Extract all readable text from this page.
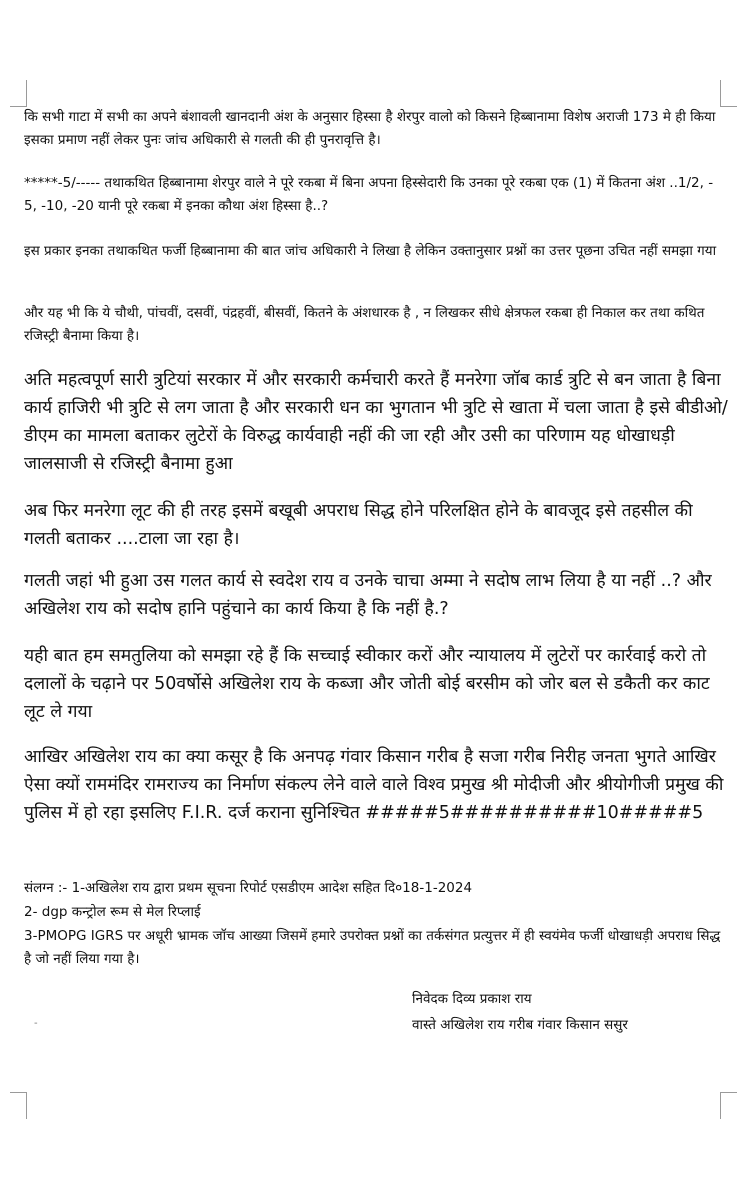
कि सभी गाटा में सभी का अपने बंशावली खानदानी अंश के अनुसार हिस्सा है शेरपुर वालो को किसने हिब्बानामा विशेष अराजी 173 मे ही किया इसका प्रमाण नहीं लेकर पुनः जांच अधिकारी से गलती की ही पुनरावृत्ति है।

*****-5/----- तथाकथित हिब्बानामा शेरपुर वाले ने पूरे रकबा में बिना अपना हिस्सेदारी कि उनका पूरे रकबा एक (1) में कितना अंश ..1/2, - 5, -10, -20 यानी पूरे रकबा में इनका कौथा अंश हिस्सा है..?

इस प्रकार इनका तथाकथित फर्जी हिब्बानामा की बात जांच अधिकारी ने लिखा है लेकिन उक्तानुसार प्रश्नों का उत्तर पूछना उचित नहीं समझा गया

और यह भी कि ये चौथी, पांचवीं, दसवीं, पंद्रहवीं, बीसवीं, कितने के अंशधारक है , न लिखकर सीधे क्षेत्रफल रकबा ही निकाल कर तथा कथित रजिस्ट्री बैनामा किया है।

अति महत्वपूर्ण सारी त्रुटियां सरकार में और सरकारी कर्मचारी करते हैं मनरेगा जॉब कार्ड त्रुटि से बन जाता है बिना कार्य हाजिरी भी त्रुटि से लग जाता है और सरकारी धन का भुगतान भी त्रुटि से खाता में चला जाता है इसे बीडीओ/डीएम का मामला बताकर लुटेरों के विरुद्ध कार्यवाही नहीं की जा रही और उसी का परिणाम यह धोखाधड़ी जालसाजी से रजिस्ट्री बैनामा हुआ

अब फिर मनरेगा लूट की ही तरह इसमें बखूबी अपराध सिद्ध होने परिलक्षित होने के बावजूद इसे तहसील की गलती बताकर ....टाला जा रहा है।

गलती जहां भी हुआ उस गलत कार्य से स्वदेश राय व उनके चाचा अम्मा ने सदोष लाभ लिया है या नहीं ..? और अखिलेश राय को सदोष हानि पहुंचाने का कार्य किया है कि नहीं है.?

यही बात हम समतुलिया को समझा रहे हैं कि सच्चाई स्वीकार करों और न्यायालय में लुटेरों पर कार्रवाई करो तो दलालों के चढ़ाने पर 50वर्षोसे अखिलेश राय के कब्जा और जोती बोई बरसीम को जोर बल से डकैती कर काट लूट ले गया

आखिर अखिलेश राय का क्या कसूर है कि अनपढ़ गंवार किसान गरीब है सजा गरीब निरीह जनता भुगते आखिर ऐसा क्यों राममंदिर रामराज्य का निर्माण संकल्प लेने वाले वाले विश्व प्रमुख श्री मोदीजी और श्रीयोगीजी प्रमुख की पुलिस में हो रहा इसलिए F.I.R. दर्ज कराना सुनिश्चित #####5##########10#####5

संलग्न :- 1-अखिलेश राय द्वारा प्रथम सूचना रिपोर्ट एसडीएम आदेश सहित दि०18-1-2024
2- dgp कन्ट्रोल रूम से मेल रिप्लाई
3-PMOPG IGRS पर अधूरी भ्रामक जॉच आख्या जिसमें हमारे उपरोक्त प्रश्नों का तर्कसंगत प्रत्युत्तर में ही स्वयंमेव फर्जी धोखाधड़ी अपराध सिद्ध है जो नहीं लिया गया है।
निवेदक दिव्य प्रकाश राय
वास्ते अखिलेश राय गरीब गंवार किसान ससुर
-
